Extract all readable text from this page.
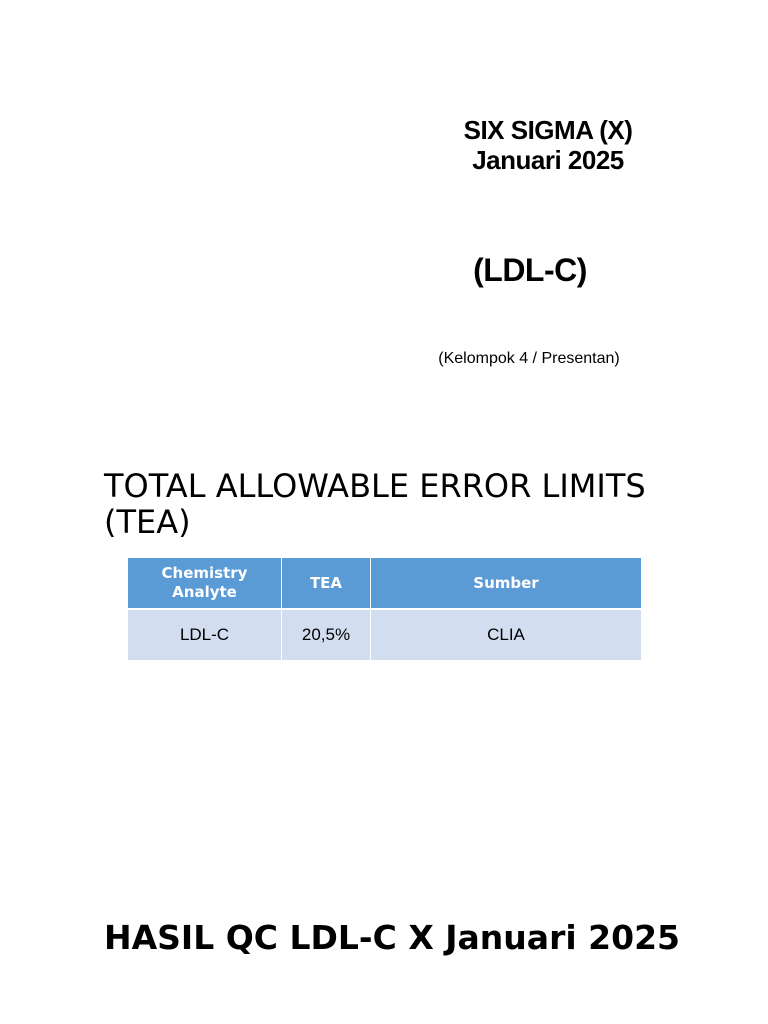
SIX SIGMA (X)
Januari 2025
(LDL-C)
(Kelompok 4 / Presentan)
TOTAL ALLOWABLE ERROR LIMITS (TEA)
Chemistry Analyte	TEA	Sumber
LDL-C	20,5%	CLIA
HASIL QC LDL-C X Januari 2025
